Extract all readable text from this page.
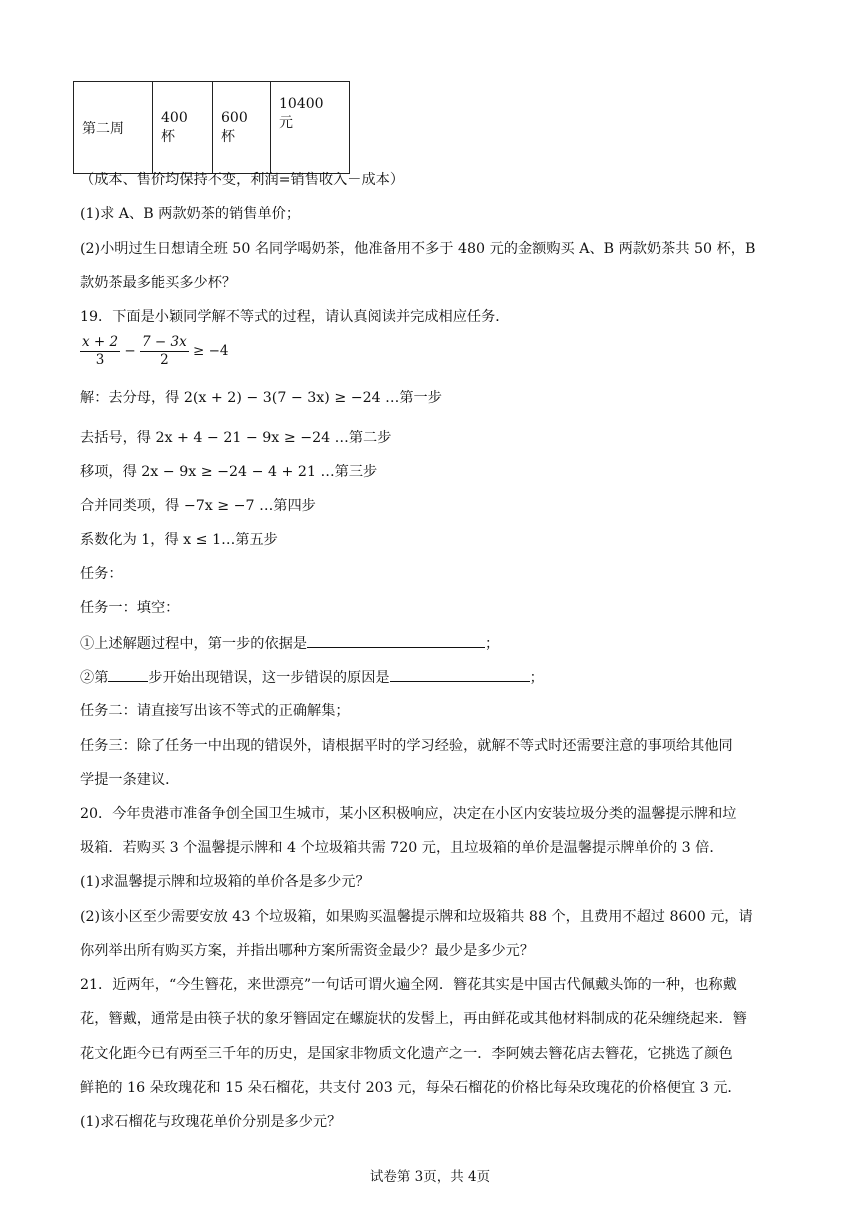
第二周	400 杯	600 杯	10400 元
（成本、售价均保持不变，利润=销售收入－成本）
(1)求 A、B 两款奶茶的销售单价；
(2)小明过生日想请全班 50 名同学喝奶茶，他准备用不多于 480 元的金额购买 A、B 两款奶茶共 50 杯，B
款奶茶最多能买多少杯？
19．下面是小颖同学解不等式的过程，请认真阅读并完成相应任务．
$\frac{x + 2}{3} - \frac{7 - 3x}{2} \ge -4$
解：去分母，得 2(x + 2) − 3(7 − 3x) ≥ −24 …第一步
去括号，得 2x + 4 − 21 − 9x ≥ −24 …第二步
移项，得 2x − 9x ≥ −24 − 4 + 21 …第三步
合并同类项，得 −7x ≥ −7 …第四步
系数化为 1，得 x ≤ 1…第五步
任务：
任务一：填空：
①上述解题过程中，第一步的依据是	；
②第	步开始出现错误，这一步错误的原因是	；
任务二：请直接写出该不等式的正确解集；
任务三：除了任务一中出现的错误外，请根据平时的学习经验，就解不等式时还需要注意的事项给其他同
学提一条建议．
20．今年贵港市准备争创全国卫生城市，某小区积极响应，决定在小区内安装垃圾分类的温馨提示牌和垃
圾箱．若购买 3 个温馨提示牌和 4 个垃圾箱共需 720 元，且垃圾箱的单价是温馨提示牌单价的 3 倍．
(1)求温馨提示牌和垃圾箱的单价各是多少元？
(2)该小区至少需要安放 43 个垃圾箱，如果购买温馨提示牌和垃圾箱共 88 个，且费用不超过 8600 元，请
你列举出所有购买方案，并指出哪种方案所需资金最少？最少是多少元？
21．近两年，“今生簪花，来世漂亮”一句话可谓火遍全网．簪花其实是中国古代佩戴头饰的一种，也称戴
花，簪戴，通常是由筷子状的象牙簪固定在螺旋状的发髻上，再由鲜花或其他材料制成的花朵缠绕起来．簪
花文化距今已有两至三千年的历史，是国家非物质文化遗产之一．李阿姨去簪花店去簪花，它挑选了颜色
鲜艳的 16 朵玫瑰花和 15 朵石榴花，共支付 203 元，每朵石榴花的价格比每朵玫瑰花的价格便宜 3 元．
(1)求石榴花与玫瑰花单价分别是多少元？
试卷第 3页，共 4页
